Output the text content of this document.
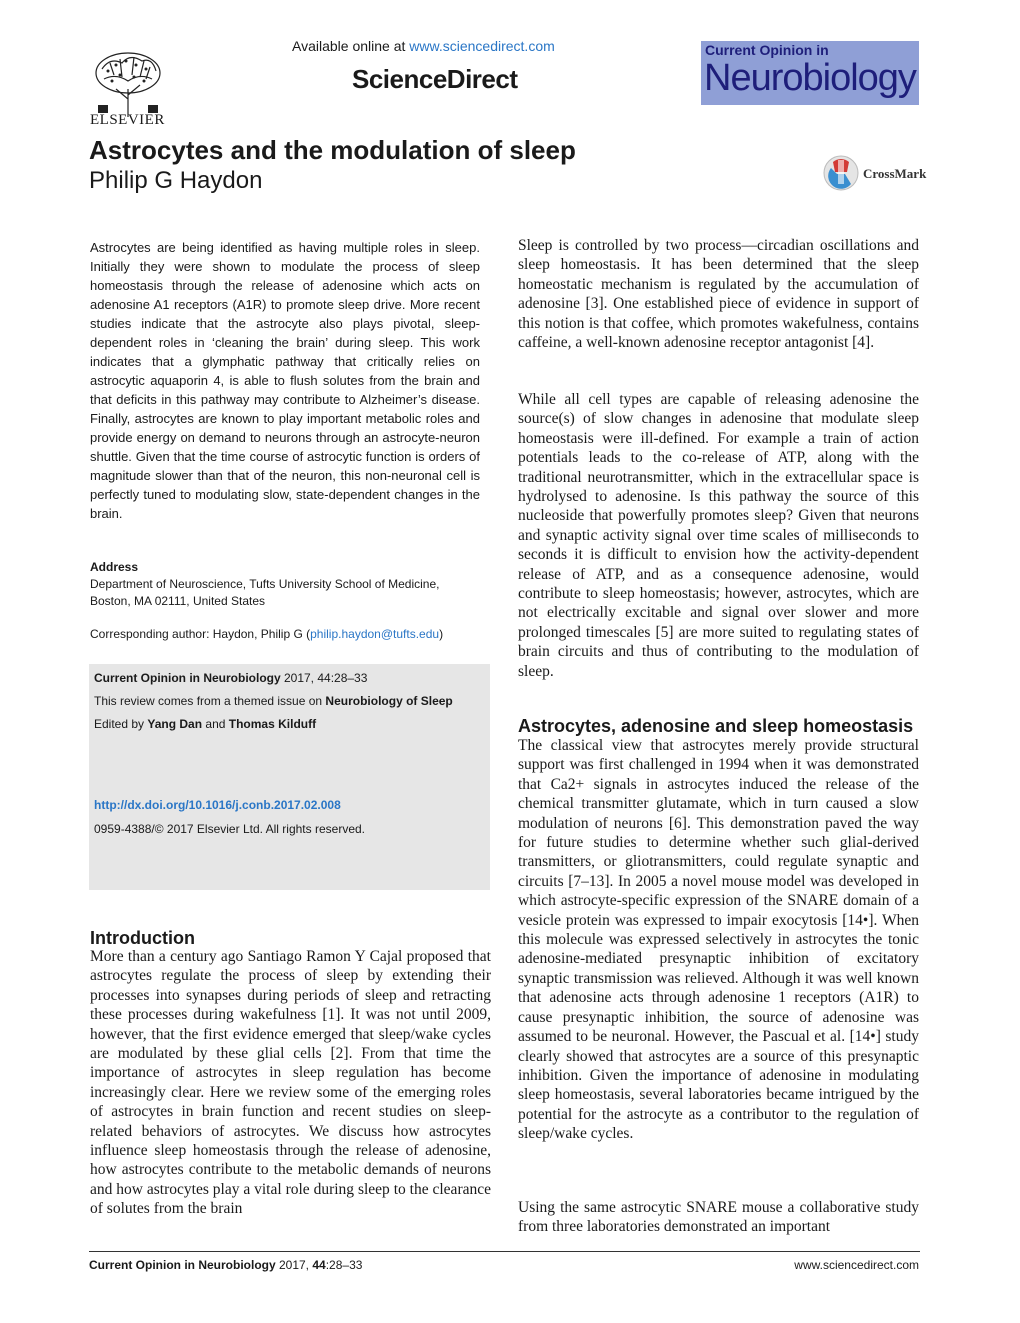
ELSEVIER
Available online at www.sciencedirect.com
ScienceDirect
Current Opinion in
Neurobiology
Astrocytes and the modulation of sleep
Philip G Haydon	CrossMark
Astrocytes are being identified as having multiple roles in sleep. Initially they were shown to modulate the process of sleep homeostasis through the release of adenosine which acts on adenosine A1 receptors (A1R) to promote sleep drive. More recent studies indicate that the astrocyte also plays pivotal, sleep-dependent roles in ‘cleaning the brain’ during sleep. This work indicates that a glymphatic pathway that critically relies on astrocytic aquaporin 4, is able to flush solutes from the brain and that deficits in this pathway may contribute to Alzheimer’s disease. Finally, astrocytes are known to play important metabolic roles and provide energy on demand to neurons through an astrocyte-neuron shuttle. Given that the time course of astrocytic function is orders of magnitude slower than that of the neuron, this non-neuronal cell is perfectly tuned to modulating slow, state-dependent changes in the brain.
Address
Department of Neuroscience, Tufts University School of Medicine,
Boston, MA 02111, United States
Corresponding author: Haydon, Philip G (philip.haydon@tufts.edu)
Current Opinion in Neurobiology 2017, 44:28–33
This review comes from a themed issue on Neurobiology of Sleep
Edited by Yang Dan and Thomas Kilduff
http://dx.doi.org/10.1016/j.conb.2017.02.008
0959-4388/© 2017 Elsevier Ltd. All rights reserved.
Introduction
More than a century ago Santiago Ramon Y Cajal proposed that astrocytes regulate the process of sleep by extending their processes into synapses during periods of sleep and retracting these processes during wakefulness [1]. It was not until 2009, however, that the first evidence emerged that sleep/wake cycles are modulated by these glial cells [2]. From that time the importance of astrocytes in sleep regulation has become increasingly clear. Here we review some of the emerging roles of astrocytes in brain function and recent studies on sleep-related behaviors of astrocytes. We discuss how astrocytes influence sleep homeostasis through the release of adenosine, how astrocytes contribute to the metabolic demands of neurons and how astrocytes play a vital role during sleep to the clearance of solutes from the brain
Sleep is controlled by two process—circadian oscillations and sleep homeostasis. It has been determined that the sleep homeostatic mechanism is regulated by the accumulation of adenosine [3]. One established piece of evidence in support of this notion is that coffee, which promotes wakefulness, contains caffeine, a well-known adenosine receptor antagonist [4].
While all cell types are capable of releasing adenosine the source(s) of slow changes in adenosine that modulate sleep homeostasis were ill-defined. For example a train of action potentials leads to the co-release of ATP, along with the traditional neurotransmitter, which in the extracellular space is hydrolysed to adenosine. Is this pathway the source of this nucleoside that powerfully promotes sleep? Given that neurons and synaptic activity signal over time scales of milliseconds to seconds it is difficult to envision how the activity-dependent release of ATP, and as a consequence adenosine, would contribute to sleep homeostasis; however, astrocytes, which are not electrically excitable and signal over slower and more prolonged timescales [5] are more suited to regulating states of brain circuits and thus of contributing to the modulation of sleep.
Astrocytes, adenosine and sleep homeostasis
The classical view that astrocytes merely provide structural support was first challenged in 1994 when it was demonstrated that Ca2+ signals in astrocytes induced the release of the chemical transmitter glutamate, which in turn caused a slow modulation of neurons [6]. This demonstration paved the way for future studies to determine whether such glial-derived transmitters, or gliotransmitters, could regulate synaptic and circuits [7–13]. In 2005 a novel mouse model was developed in which astrocyte-specific expression of the SNARE domain of a vesicle protein was expressed to impair exocytosis [14•]. When this molecule was expressed selectively in astrocytes the tonic adenosine-mediated presynaptic inhibition of excitatory synaptic transmission was relieved. Although it was well known that adenosine acts through adenosine 1 receptors (A1R) to cause presynaptic inhibition, the source of adenosine was assumed to be neuronal. However, the Pascual et al. [14•] study clearly showed that astrocytes are a source of this presynaptic inhibition. Given the importance of adenosine in modulating sleep homeostasis, several laboratories became intrigued by the potential for the astrocyte as a contributor to the regulation of sleep/wake cycles.
Using the same astrocytic SNARE mouse a collaborative study from three laboratories demonstrated an important
Current Opinion in Neurobiology 2017, 44:28–33	www.sciencedirect.com
